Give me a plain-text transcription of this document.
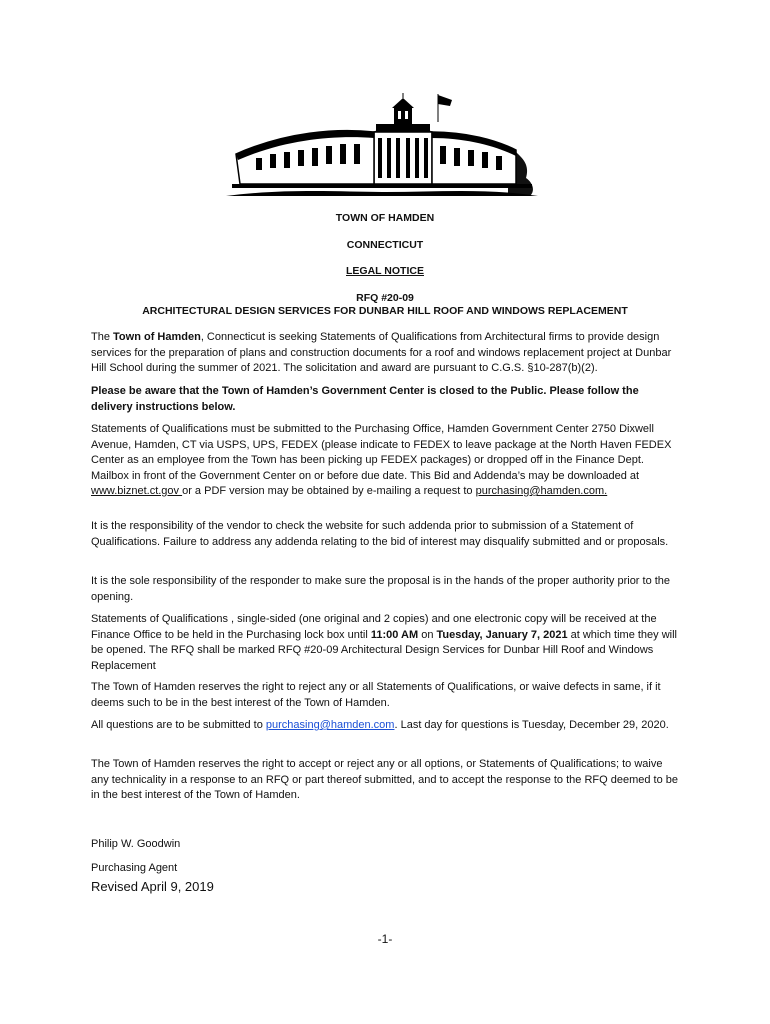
TOWN OF HAMDEN
CONNECTICUT
LEGAL NOTICE
RFQ #20-09
ARCHITECTURAL DESIGN SERVICES FOR DUNBAR HILL ROOF AND WINDOWS REPLACEMENT
The Town of Hamden, Connecticut is seeking Statements of Qualifications from Architectural firms to provide design services for the preparation of plans and construction documents for a roof and windows replacement project at Dunbar Hill School during the summer of 2021. The solicitation and award are pursuant to C.G.S. §10-287(b)(2).
Please be aware that the Town of Hamden’s Government Center is closed to the Public. Please follow the delivery instructions below.
Statements of Qualifications must be submitted to the Purchasing Office, Hamden Government Center 2750 Dixwell Avenue, Hamden, CT via USPS, UPS, FEDEX (please indicate to FEDEX to leave package at the North Haven FEDEX Center as an employee from the Town has been picking up FEDEX packages) or dropped off in the Finance Dept. Mailbox in front of the Government Center on or before due date. This Bid and Addenda’s may be downloaded at www.biznet.ct.gov or a PDF version may be obtained by e-mailing a request to purchasing@hamden.com.
It is the responsibility of the vendor to check the website for such addenda prior to submission of a Statement of Qualifications. Failure to address any addenda relating to the bid of interest may disqualify submitted and or proposals.
It is the sole responsibility of the responder to make sure the proposal is in the hands of the proper authority prior to the opening.
Statements of Qualifications , single-sided (one original and 2 copies) and one electronic copy will be received at the Finance Office to be held in the Purchasing lock box until 11:00 AM on Tuesday, January 7, 2021 at which time they will be opened. The RFQ shall be marked RFQ #20-09 Architectural Design Services for Dunbar Hill Roof and Windows Replacement
The Town of Hamden reserves the right to reject any or all Statements of Qualifications, or waive defects in same, if it deems such to be in the best interest of the Town of Hamden.
All questions are to be submitted to purchasing@hamden.com. Last day for questions is Tuesday, December 29, 2020.
The Town of Hamden reserves the right to accept or reject any or all options, or Statements of Qualifications; to waive any technicality in a response to an RFQ or part thereof submitted, and to accept the response to the RFQ deemed to be in the best interest of the Town of Hamden.
Philip W. Goodwin
Purchasing Agent
Revised April 9, 2019
-1-
